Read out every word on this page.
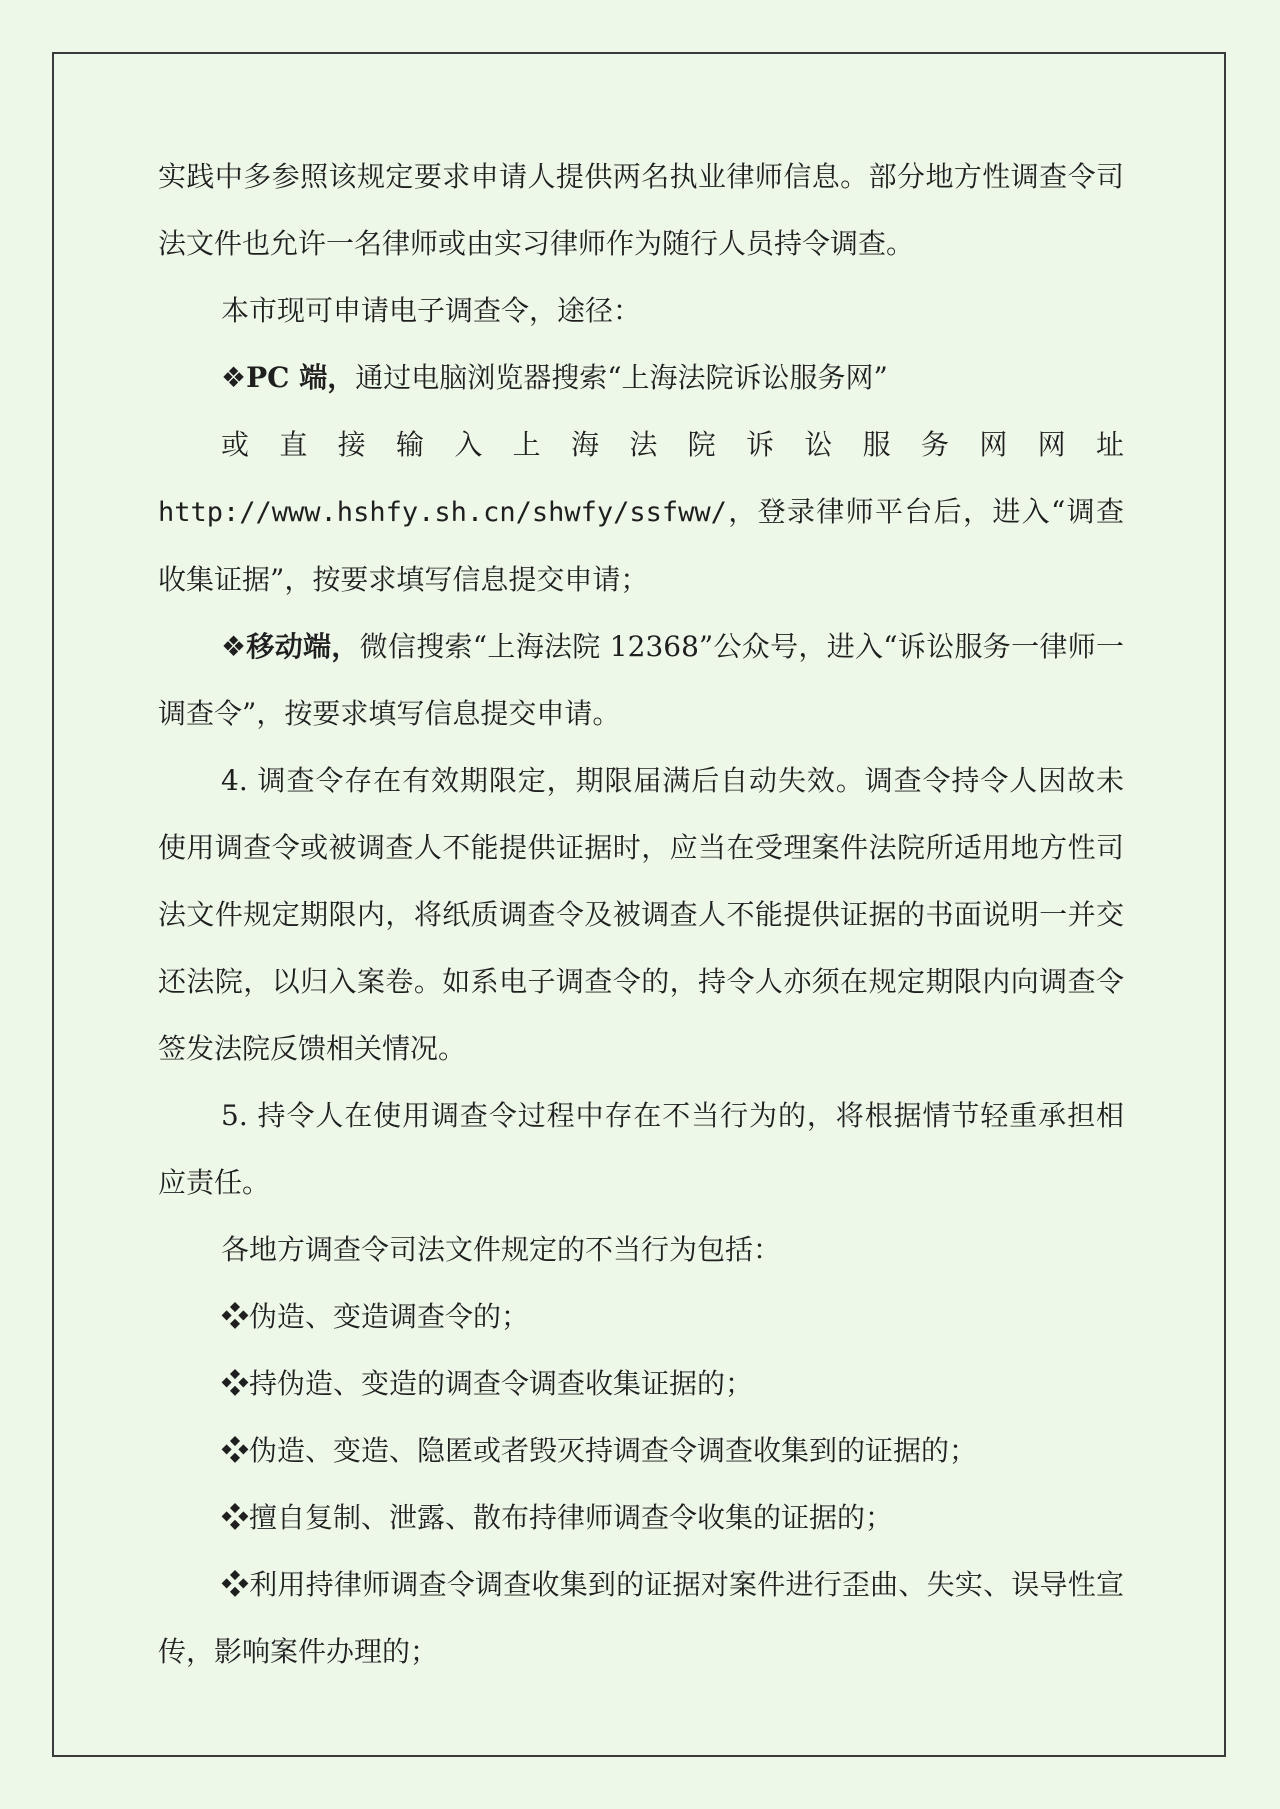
实践中多参照该规定要求申请人提供两名执业律师信息。部分地方性调查令司法文件也允许一名律师或由实习律师作为随行人员持令调查。

本市现可申请电子调查令，途径：

❖PC 端，通过电脑浏览器搜索“上海法院诉讼服务网”

或直接输入上海法院诉讼服务网网址

http://www.hshfy.sh.cn/shwfy/ssfww/，登录律师平台后，进入“调查收集证据”，按要求填写信息提交申请；

❖移动端，微信搜索“上海法院 12368”公众号，进入“诉讼服务一律师一调查令”，按要求填写信息提交申请。

4. 调查令存在有效期限定，期限届满后自动失效。调查令持令人因故未使用调查令或被调查人不能提供证据时，应当在受理案件法院所适用地方性司法文件规定期限内，将纸质调查令及被调查人不能提供证据的书面说明一并交还法院，以归入案卷。如系电子调查令的，持令人亦须在规定期限内向调查令签发法院反馈相关情况。

5. 持令人在使用调查令过程中存在不当行为的，将根据情节轻重承担相应责任。

各地方调查令司法文件规定的不当行为包括：

❖伪造、变造调查令的；

❖持伪造、变造的调查令调查收集证据的；

❖伪造、变造、隐匿或者毁灭持调查令调查收集到的证据的；

❖擅自复制、泄露、散布持律师调查令收集的证据的；

❖利用持律师调查令调查收集到的证据对案件进行歪曲、失实、误导性宣传，影响案件办理的；
